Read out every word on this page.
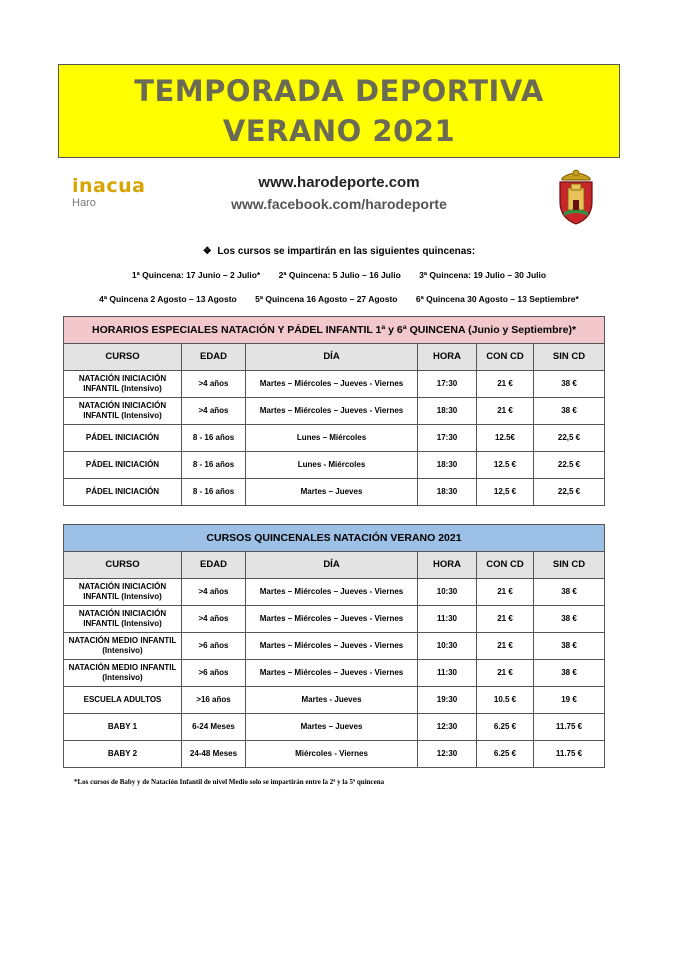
TEMPORADA DEPORTIVA
VERANO 2021
inacua
Haro
www.harodeporte.com
www.facebook.com/harodeporte
❖  Los cursos se impartirán en las siguientes quincenas:
1ª Quincena: 17 Junio – 2 Julio* 2ª Quincena: 5 Julio – 16 Julio 3ª Quincena: 19 Julio – 30 Julio
4ª Quincena 2 Agosto – 13 Agosto 5ª Quincena 16 Agosto – 27 Agosto 6ª Quincena 30 Agosto – 13 Septiembre*
HORARIOS ESPECIALES NATACIÓN Y PÁDEL INFANTIL 1ª y 6ª QUINCENA (Junio y Septiembre)*					
CURSO	EDAD	DÍA	HORA	CON CD	SIN CD
NATACIÓN INICIACIÓN INFANTIL (Intensivo)	>4 años	Martes – Miércoles – Jueves - Viernes	17:30	21 €	38 €
NATACIÓN INICIACIÓN INFANTIL (Intensivo)	>4 años	Martes – Miércoles – Jueves - Viernes	18:30	21 €	38 €
PÁDEL INICIACIÓN	8 - 16 años	Lunes – Miércoles	17:30	12.5€	22,5 €
PÁDEL INICIACIÓN	8 - 16 años	Lunes - Miércoles	18:30	12.5 €	22.5 €
PÁDEL INICIACIÓN	8 - 16 años	Martes – Jueves	18:30	12,5 €	22,5 €
CURSOS QUINCENALES NATACIÓN VERANO 2021					
CURSO	EDAD	DÍA	HORA	CON CD	SIN CD
NATACIÓN INICIACIÓN INFANTIL (Intensivo)	>4 años	Martes – Miércoles – Jueves - Viernes	10:30	21 €	38 €
NATACIÓN INICIACIÓN INFANTIL (Intensivo)	>4 años	Martes – Miércoles – Jueves - Viernes	11:30	21 €	38 €
NATACIÓN MEDIO INFANTIL (Intensivo)	>6 años	Martes – Miércoles – Jueves - Viernes	10:30	21 €	38 €
NATACIÓN MEDIO INFANTIL (Intensivo)	>6 años	Martes – Miércoles – Jueves - Viernes	11:30	21 €	38 €
ESCUELA ADULTOS	>16 años	Martes - Jueves	19:30	10.5 €	19 €
BABY 1	6-24 Meses	Martes – Jueves	12:30	6.25 €	11.75 €
BABY 2	24-48 Meses	Miércoles - Viernes	12:30	6.25 €	11.75 €
*Los cursos de Baby y de Natación Infantil de nivel Medio solo se impartirán entre la 2ª y la 5ª quincena
